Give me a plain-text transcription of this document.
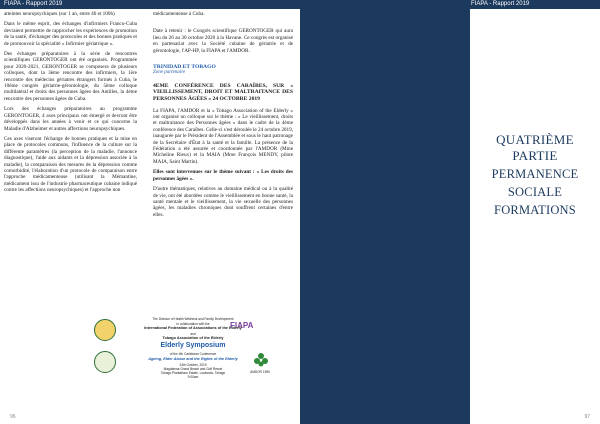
FIAPA - Rapport 2019

atteintes neuropsychiques (sur 1 an, entre 40 et 100h)

Dans le même esprit, des échanges d'infirmiers Franco-Cuba devraient permettre de rapprocher les expériences de promotion de la santé, d'échanger des protocoles et des bonnes pratiques et de promouvoir la spécialité « Infirmier gériatrique ».

Des échanges préparatoires à la série de rencontres scientifiques GERONTOGER ont été organisés. Programmée pour 2020-2021, GERONTOGER se composera de plusieurs colloques, dont la 3ème rencontre des infirmiers, la 1ère rencontre des médecins gériatres étrangers formés à Cuba, le 10ème congrès gériatrie-gérontologie, du 5ème colloque multilatéral et droits des personnes âgées des Antilles, la 4ème rencontre des personnes âgées de Cuba.

Lors des échanges préparatoires au programme GERONTOGER, 4 axes principaux ont émergé et devront être développés dans les années à venir et ce qui concerne la Maladie d'Alzheimer et autres affections neuropsychiques.

Ces axes viseront l'échange de bonnes pratiques et la mise en place de protocoles communs, l'influence de la culture sur la différente paramètres (la perception de la maladie, l'annonce diagnostique), l'aide aux aidants et la dépression associée à la maladie), la comparaison des mesures de la dépression comme comorbidité, l'élaboration d'un protocole de comparaison entre l'approche médicamenteuse (utilisant la Mémantine, médicament issu de l'industrie pharmaceutique cubaine indiqué contre les affections neuropsychiques) et l'approche non

médicamenteuse à Cuba.

Date à retenir : le Congrès scientifique GERONTOGER qui aura lieu du 26 au 30 octobre 2020 à la Havane. Ce congrès est organisé en partenariat avec la Société cubaine de gériatrie et de gérontologie, l'AP-HP, la FIAPA et l'AMDOR.

TRINIDAD ET TOBAGO
Zone partenaire
4EME CONFÉRENCE DES CARAÏBES, SUR « VIEILLISSEMENT, DROIT ET MALTRAITANCE DES PERSONNES ÂGÉES » 24 OCTOBRE 2019

La FIAPA, l'AMDOR et la « Tobago Association of the Elderly » ont organisé un colloque sur le thème : « Le vieillissement, droits et maltraitance des Personnes âgées » dans le cadre de la 4ème conférence des Caraïbes. Celle-ci s'est déroulée le 24 octobre 2019, inaugurée par le Président de l'Assemblée et sous le haut patronage de la Secrétaire d'État à la santé et la famille. La présence de la Fédération a été assurée et coordonnée par l'AMDOR (Mme Micheline Rieux) et la MAIA (Mme François MENDY, pilote MAIA, Saint Martin).

Elles sont intervenues sur le thème suivant : « Les droits des personnes âgées ».

D'autre thématiques, relatives au domaine médical ou à la qualité de vie, ont été abordées comme le vieillissement en bonne santé, la santé mentale et le vieillissement, la vie sexuelle des personnes âgées, les maladies chroniques dont souffrent certaines d'entre elles.

FIAPA
AMDOR 1990
The Division of Health Wellness and Family Development
in collaboration with the
International Federation of Associations of the Elderly
and
Tobago Association of the Elderly
Elderly Symposium
of the 4th Caribbean Conference
Ageing, Elder Abuse and the Rights of the Elderly
24th October, 2019
Magdalena Grand Beach and Golf Resort
Tobago Plantations Estate, Lowlands, Tobago
9:00am
96
FIAPA - Rapport 2019
QUATRIÈME PARTIE
PERMANENCE SOCIALE
FORMATIONS
97
